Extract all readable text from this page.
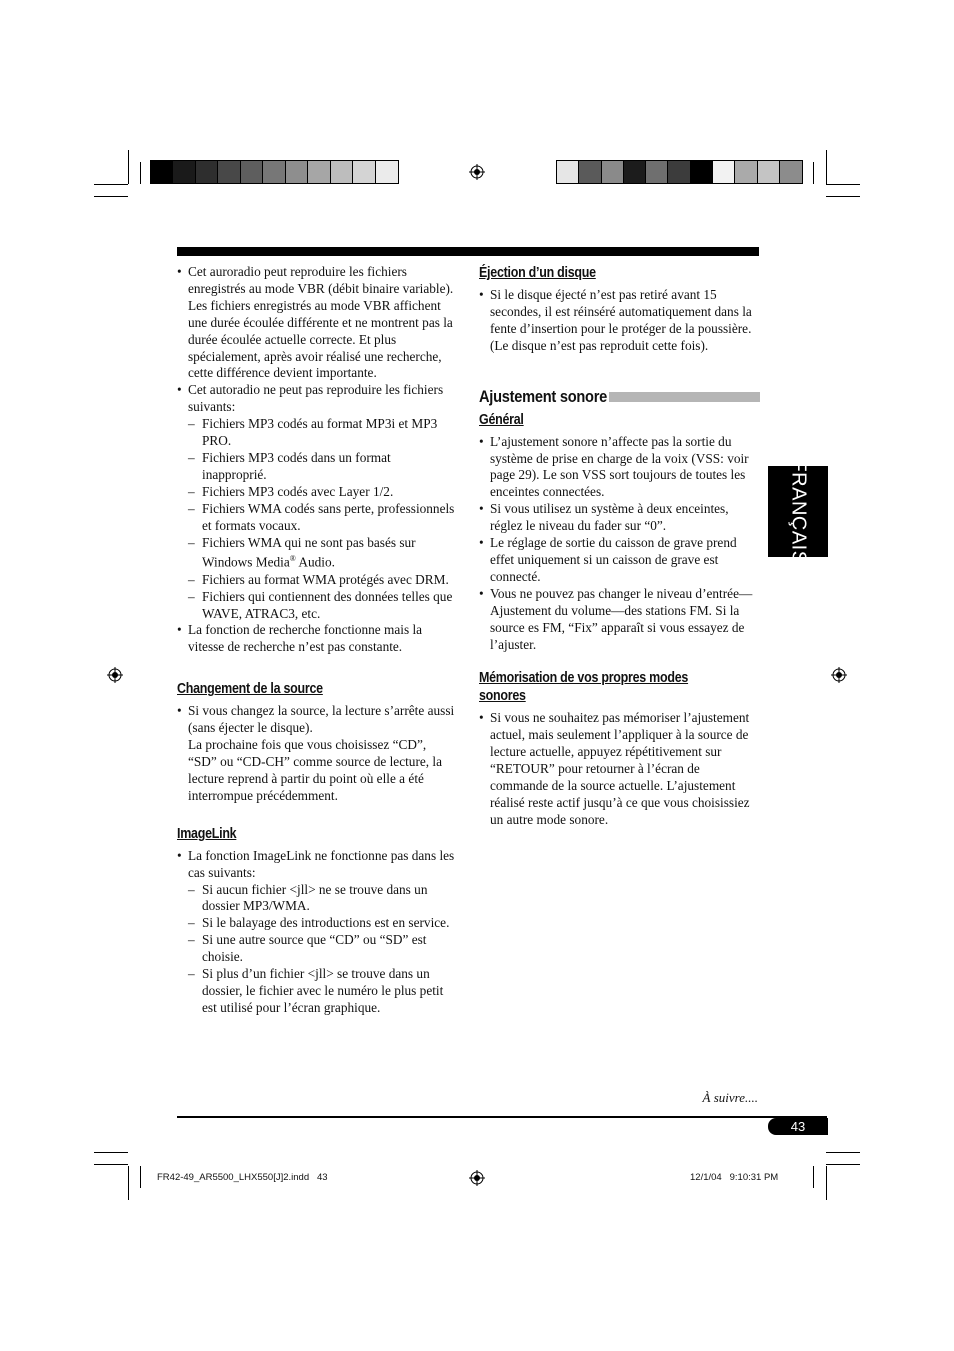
FRANÇAIS
• Cet auroradio peut reproduire les fichiers enregistrés au mode VBR (débit binaire variable).
Les fichiers enregistrés au mode VBR affichent une durée écoulée différente et ne montrent pas la durée écoulée actuelle correcte. Et plus spécialement, après avoir réalisé une recherche, cette différence devient importante.
• Cet autoradio ne peut pas reproduire les fichiers suivants:
– Fichiers MP3 codés au format MP3i et MP3 PRO.
– Fichiers MP3 codés dans un format inapproprié.
– Fichiers MP3 codés avec Layer 1/2.
– Fichiers WMA codés sans perte, professionnels et formats vocaux.
– Fichiers WMA qui ne sont pas basés sur Windows Media® Audio.
– Fichiers au format WMA protégés avec DRM.
– Fichiers qui contiennent des données telles que WAVE, ATRAC3, etc.
• La fonction de recherche fonctionne mais la vitesse de recherche n’est pas constante.
Changement de la source
• Si vous changez la source, la lecture s’arrête aussi (sans éjecter le disque).
La prochaine fois que vous choisissez “CD”, “SD” ou “CD-CH” comme source de lecture, la lecture reprend à partir du point où elle a été interrompue précédemment.
ImageLink
• La fonction ImageLink ne fonctionne pas dans les cas suivants:
– Si aucun fichier <jll> ne se trouve dans un dossier MP3/WMA.
– Si le balayage des introductions est en service.
– Si une autre source que “CD” ou “SD” est choisie.
– Si plus d’un fichier <jll> se trouve dans un dossier, le fichier avec le numéro le plus petit est utilisé pour l’écran graphique.
Éjection d’un disque
• Si le disque éjecté n’est pas retiré avant 15 secondes, il est réinséré automatiquement dans la fente d’insertion pour le protéger de la poussière. (Le disque n’est pas reproduit cette fois).
Ajustement sonore
Général
• L’ajustement sonore n’affecte pas la sortie du système de prise en charge de la voix (VSS: voir page 29). Le son VSS sort toujours de toutes les enceintes connectées.
• Si vous utilisez un système à deux enceintes, réglez le niveau du fader sur “0”.
• Le réglage de sortie du caisson de grave prend effet uniquement si un caisson de grave est connecté.
• Vous ne pouvez pas changer le niveau d’entrée—Ajustement du volume—des stations FM. Si la source es FM, “Fix” apparaît si vous essayez de l’ajuster.
Mémorisation de vos propres modes
sonores
• Si vous ne souhaitez pas mémoriser l’ajustement actuel, mais seulement l’appliquer à la source de lecture actuelle, appuyez répétitivement sur “RETOUR” pour retourner à l’écran de commande de la source actuelle. L’ajustement réalisé reste actif jusqu’à ce que vous choisissiez un autre mode sonore.
À suivre....
43
FR42-49_AR5500_LHX550[J]2.indd   43	12/1/04   9:10:31 PM
